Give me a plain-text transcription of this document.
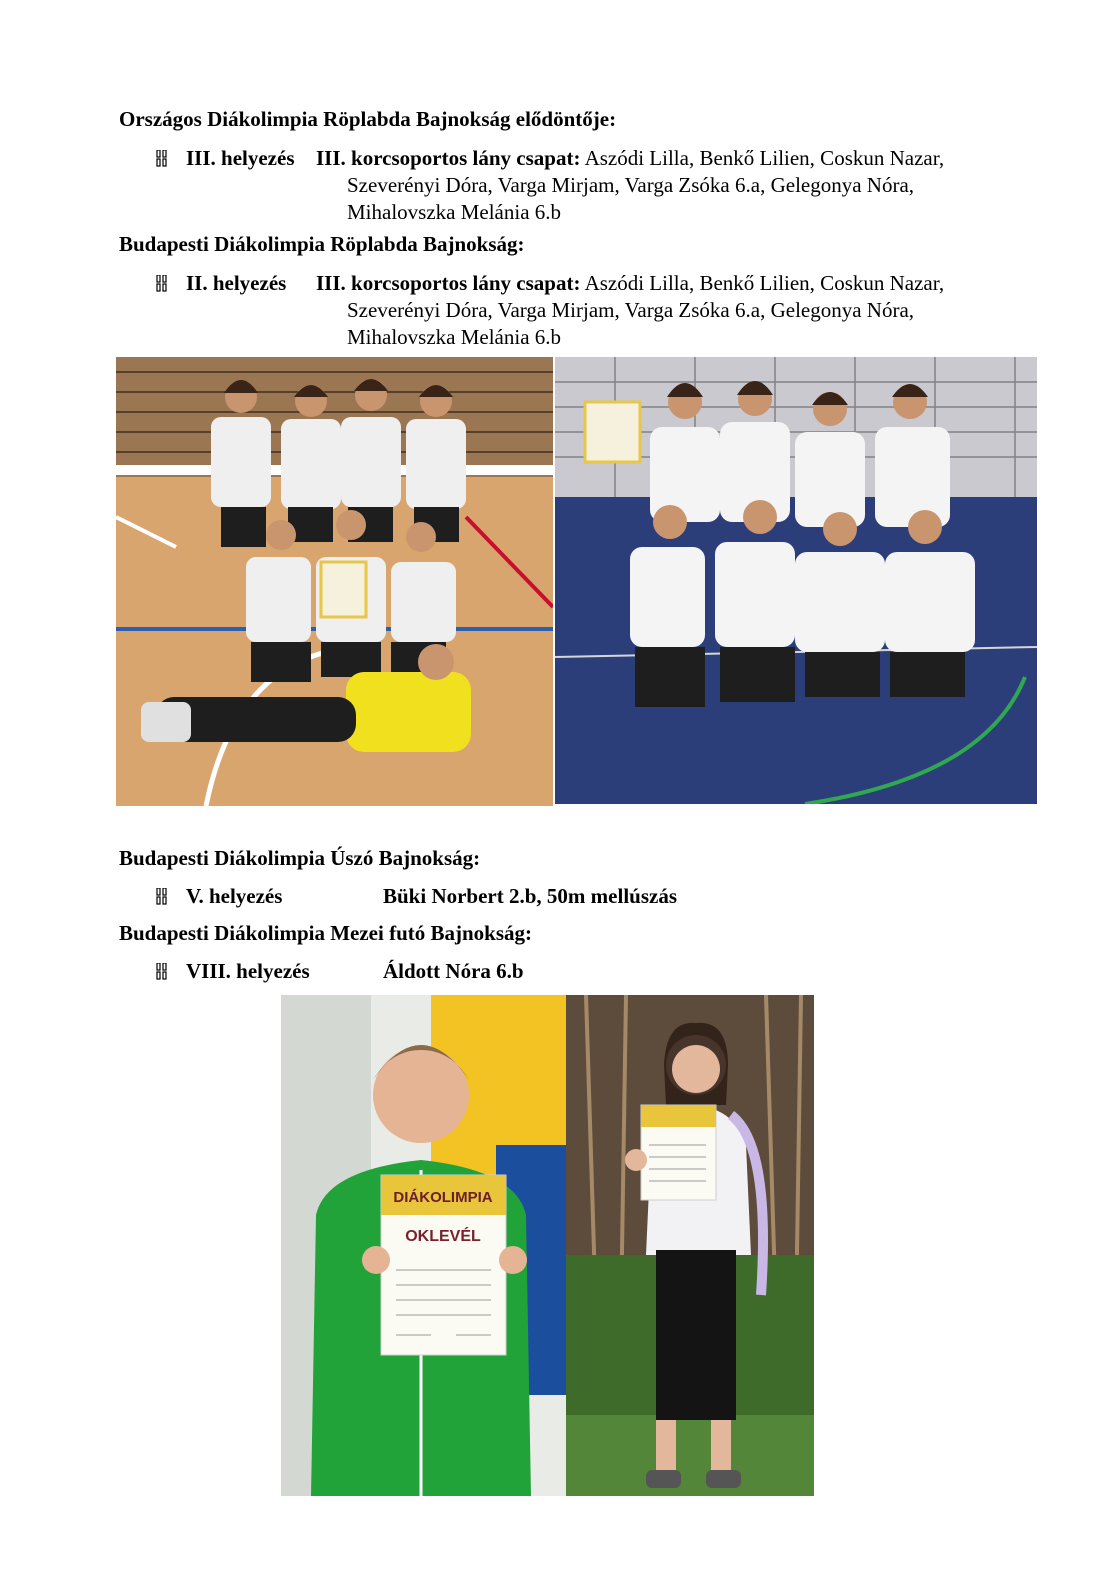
Országos Diákolimpia Röplabda Bajnokság elődöntője:
III. helyezés III. korcsoportos lány csapat: Aszódi Lilla, Benkő Lilien, Coskun Nazar, Szeverényi Dóra, Varga Mirjam, Varga Zsóka 6.a, Gelegonya Nóra, Mihalovszka Melánia 6.b
Budapesti Diákolimpia Röplabda Bajnokság:
II. helyezés III. korcsoportos lány csapat: Aszódi Lilla, Benkő Lilien, Coskun Nazar, Szeverényi Dóra, Varga Mirjam, Varga Zsóka 6.a, Gelegonya Nóra, Mihalovszka Melánia 6.b
Budapesti Diákolimpia Úszó Bajnokság:
V. helyezés	Büki Norbert 2.b, 50m mellúszás
Budapesti Diákolimpia Mezei futó Bajnokság:
VIII. helyezés	Áldott Nóra 6.b
DIÁKOLIMPIA
OKLEVÉL
